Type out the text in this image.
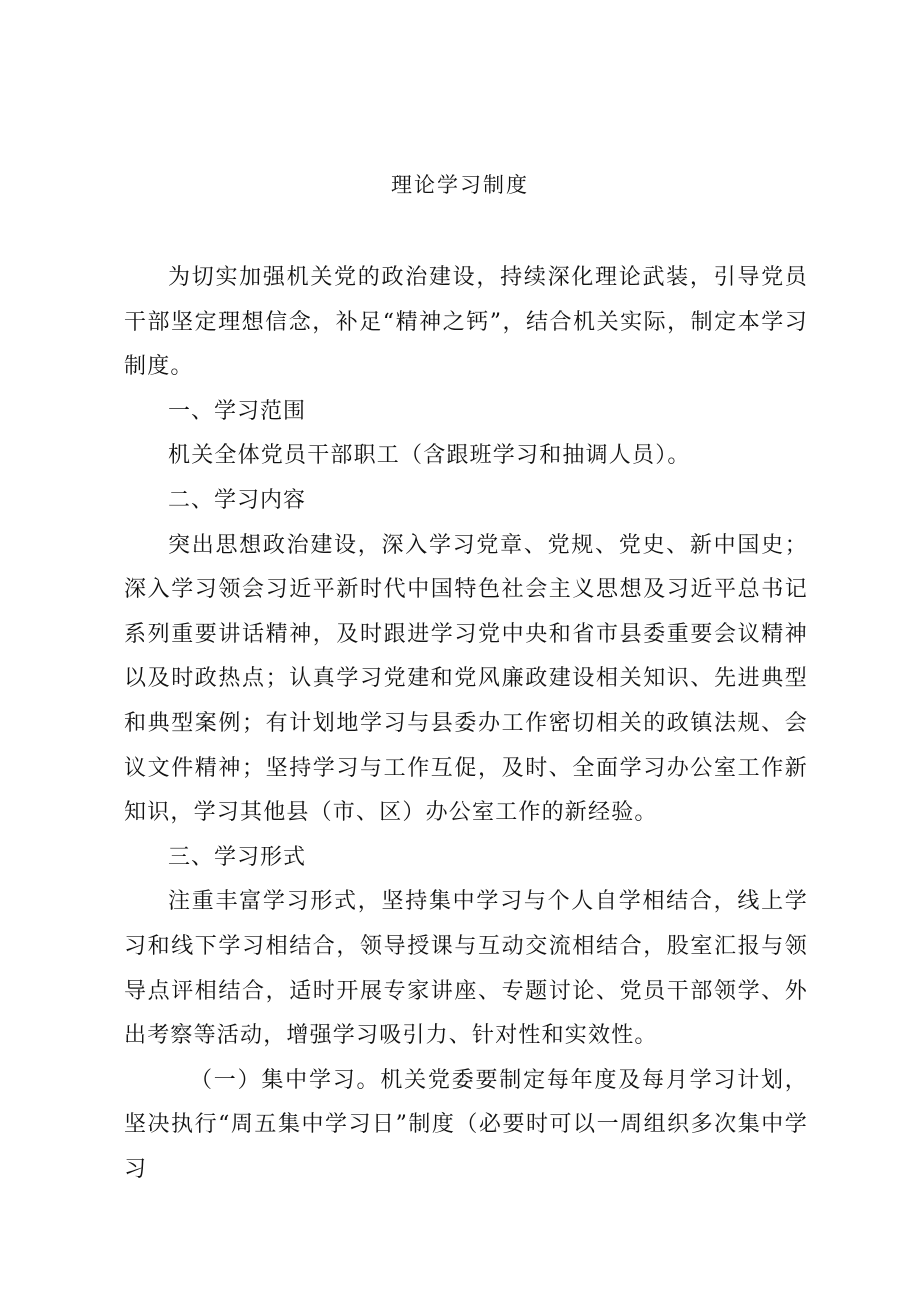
理论学习制度

为切实加强机关党的政治建设，持续深化理论武装，引导党员干部坚定理想信念，补足“精神之钙”，结合机关实际，制定本学习制度。

一、学习范围

机关全体党员干部职工（含跟班学习和抽调人员）。

二、学习内容

突出思想政治建设，深入学习党章、党规、党史、新中国史；深入学习领会习近平新时代中国特色社会主义思想及习近平总书记系列重要讲话精神，及时跟进学习党中央和省市县委重要会议精神以及时政热点；认真学习党建和党风廉政建设相关知识、先进典型和典型案例；有计划地学习与县委办工作密切相关的政镇法规、会议文件精神；坚持学习与工作互促，及时、全面学习办公室工作新知识，学习其他县（市、区）办公室工作的新经验。

三、学习形式

注重丰富学习形式，坚持集中学习与个人自学相结合，线上学习和线下学习相结合，领导授课与互动交流相结合，股室汇报与领导点评相结合，适时开展专家讲座、专题讨论、党员干部领学、外出考察等活动，增强学习吸引力、针对性和实效性。

（一）集中学习。机关党委要制定每年度及每月学习计划，坚决执行“周五集中学习日”制度（必要时可以一周组织多次集中学习
